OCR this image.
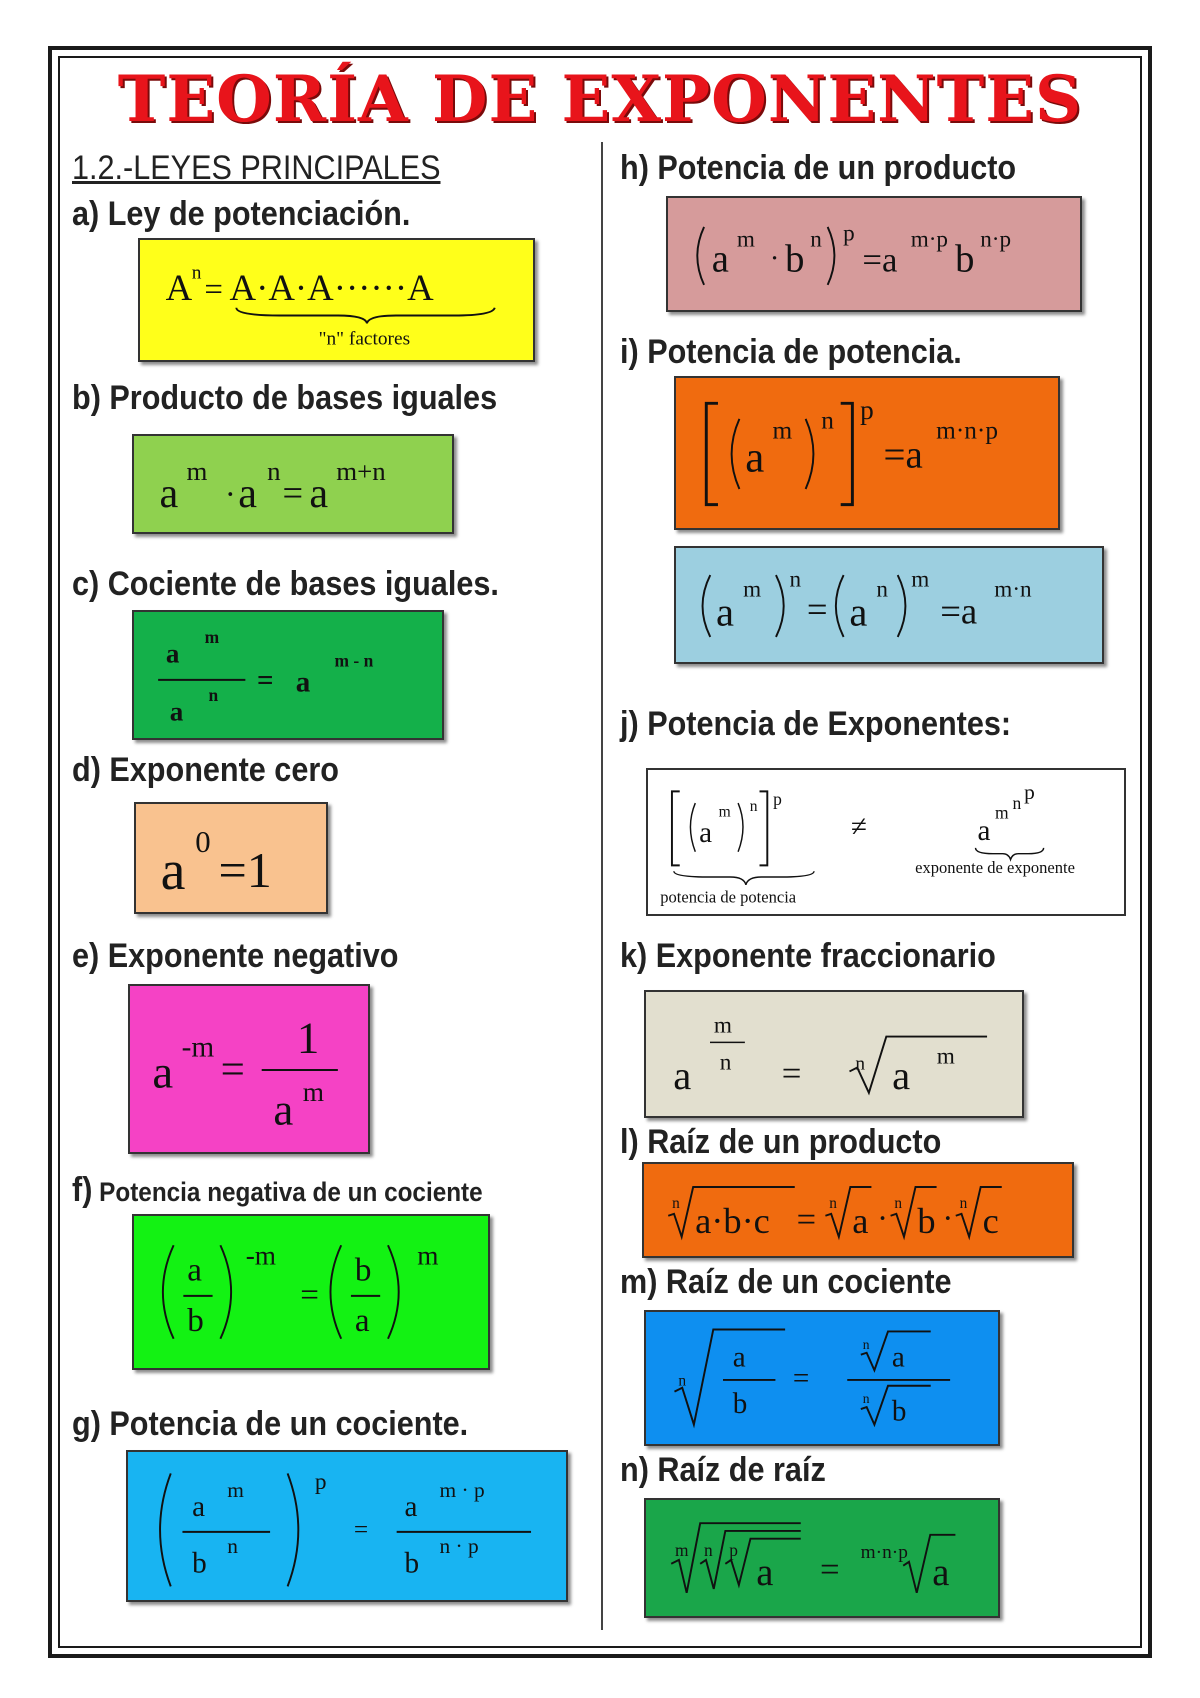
TEORÍA DE EXPONENTES
1.2.-LEYES PRINCIPALES
a) Ley de potenciación.
A n = A·A·A······A
"n" factores
b) Producto de bases iguales
a m
· a n
= a m+n
c) Cociente de bases iguales.
a
m
a
n = a
m - n
d) Exponente cero
a 0 =1
e) Exponente negativo
a -m =
1
a m
f) Potencia negativa de un cociente
a
b
-m
=
b
a
m
g) Potencia de un cociente.
a
m
b
n
p
=
a
m · p
b
n · p
h) Potencia de un producto
a m
· b n p
=a
m·p b n·p
i) Potencia de potencia.
a
m n p
=a
m·n·p
a m n
= a n m
=a
m·n
j) Potencia de Exponentes:
a
m n p
potencia de potencia
≠	a
m n p
exponente de exponente
k) Exponente fraccionario
a
m
n =	n a m
l) Raíz de un producto
n a·b·c = n a · n b · n c
m) Raíz de un cociente
n
a
b
=
n a
n b
n) Raíz de raíz
m n p
a = m·n·p a
